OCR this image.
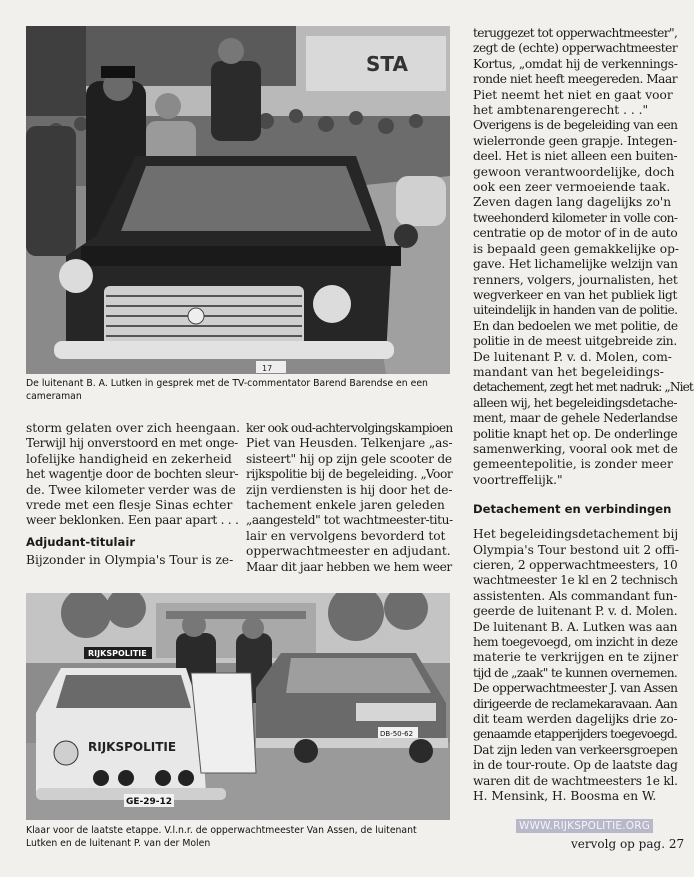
STA
17
De luitenant B. A. Lutken in gesprek met de TV-commentator Barend Barendse en een
cameraman
storm gelaten over zich heengaan.
Terwijl hij onverstoord en met onge-
lofelijke handigheid en zekerheid
het wagentje door de bochten sleur-
de. Twee kilometer verder was de
vrede met een flesje Sinas echter
weer beklonken. Een paar apart . . .
Adjudant-titulair
Bijzonder in Olympia's Tour is ze-
ker ook oud-achtervolgingskampioen
Piet van Heusden. Telkenjare „as-
sisteert" hij op zijn gele scooter de
rijkspolitie bij de begeleiding. „Voor
zijn verdiensten is hij door het de-
tachement enkele jaren geleden
„aangesteld" tot wachtmeester-titu-
lair en vervolgens bevorderd tot
opperwachtmeester en adjudant.
Maar dit jaar hebben we hem weer
RIJKSPOLITIE
RIJKSPOLITIE
GE-29-12
DB-50-62
Klaar voor de laatste etappe. V.l.n.r. de opperwachtmeester Van Assen, de luitenant
Lutken en de luitenant P. van der Molen
teruggezet tot opperwachtmeester",
zegt de (echte) opperwachtmeester
Kortus, „omdat hij de verkennings-
ronde niet heeft meegereden. Maar
Piet neemt het niet en gaat voor
het ambtenarengerecht . . ."
Overigens is de begeleiding van een
wielerronde geen grapje. Integen-
deel. Het is niet alleen een buiten-
gewoon verantwoordelijke, doch
ook een zeer vermoeiende taak.
Zeven dagen lang dagelijks zo'n
tweehonderd kilometer in volle con-
centratie op de motor of in de auto
is bepaald geen gemakkelijke op-
gave. Het lichamelijke welzijn van
renners, volgers, journalisten, het
wegverkeer en van het publiek ligt
uiteindelijk in handen van de politie.
En dan bedoelen we met politie, de
politie in de meest uitgebreide zin.
De luitenant P. v. d. Molen, com-
mandant van het begeleidings-
detachement, zegt het met nadruk: „Niet
alleen wij, het begeleidingsdetache-
ment, maar de gehele Nederlandse
politie knapt het op. De onderlinge
samenwerking, vooral ook met de
gemeentepolitie, is zonder meer
voortreffelijk."
Detachement en verbindingen
Het begeleidingsdetachement bij
Olympia's Tour bestond uit 2 offi-
cieren, 2 opperwachtmeesters, 10
wachtmeester 1e kl en 2 technisch
assistenten. Als commandant fun-
geerde de luitenant P. v. d. Molen.
De luitenant B. A. Lutken was aan
hem toegevoegd, om inzicht in deze
materie te verkrijgen en te zijner
tijd de „zaak" te kunnen overnemen.
De opperwachtmeester J. van Assen
dirigeerde de reclamekaravaan. Aan
dit team werden dagelijks drie zo-
genaamde etapperijders toegevoegd.
Dat zijn leden van verkeersgroepen
in de tour-route. Op de laatste dag
waren dit de wachtmeesters 1e kl.
H. Mensink, H. Boosma en W.
WWW.RIJKSPOLITIE.ORG
vervolg op pag. 27
